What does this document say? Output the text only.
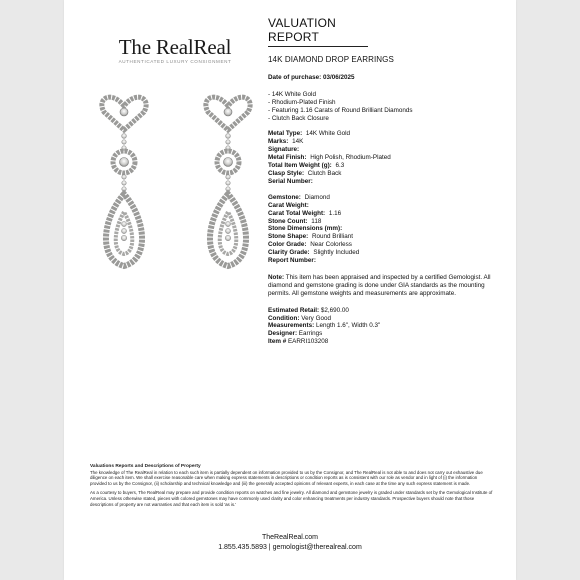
The RealReal
AUTHENTICATED LUXURY CONSIGNMENT
VALUATION REPORT
14K DIAMOND DROP EARRINGS
Date of purchase: 03/06/2025
- 14K White Gold
- Rhodium-Plated Finish
- Featuring 1.16 Carats of Round Brilliant Diamonds
- Clutch Back Closure
Metal Type: 14K White Gold
Marks: 14K
Signature:
Metal Finish: High Polish, Rhodium-Plated
Total Item Weight (g): 6.3
Clasp Style: Clutch Back
Serial Number:
Gemstone: Diamond
Carat Weight:
Carat Total Weight: 1.16
Stone Count: 118
Stone Dimensions (mm):
Stone Shape: Round Brilliant
Color Grade: Near Colorless
Clarity Grade: Slightly Included
Report Number:
Note: This item has been appraised and inspected by a certified Gemologist. All diamond and gemstone grading is done under GIA standards as the mounting permits. All gemstone weights and measurements are approximate.
Estimated Retail: $2,690.00
Condition: Very Good
Measurements: Length 1.6", Width 0.3"
Designer: Earrings
Item # EARRI103208
Valuations Reports and Descriptions of Property
The knowledge of The RealReal in relation to each such item is partially dependent on information provided to us by the Consignor, and The RealReal is not able to and does not carry out exhaustive due diligence on each item. We shall exercise reasonable care when making express statements in descriptions or condition reports as is consistent with our role as vendor and in light of (i) the information provided to us by the Consignor, (ii) scholarship and technical knowledge and (iii) the generally accepted opinions of relevant experts, in each case at the time any such express statement is made.
As a courtesy to buyers, The RealReal may prepare and provide condition reports on watches and fine jewelry. All diamond and gemstone jewelry is graded under standards set by the Gemological Institute of America. Unless otherwise stated, pieces with colored gemstones may have commonly used clarity and color enhancing treatments per industry standards. Prospective buyers should note that those descriptions of property are not warranties and that each item is sold 'as is.'
TheRealReal.com
1.855.435.5893 | gemologist@therealreal.com
